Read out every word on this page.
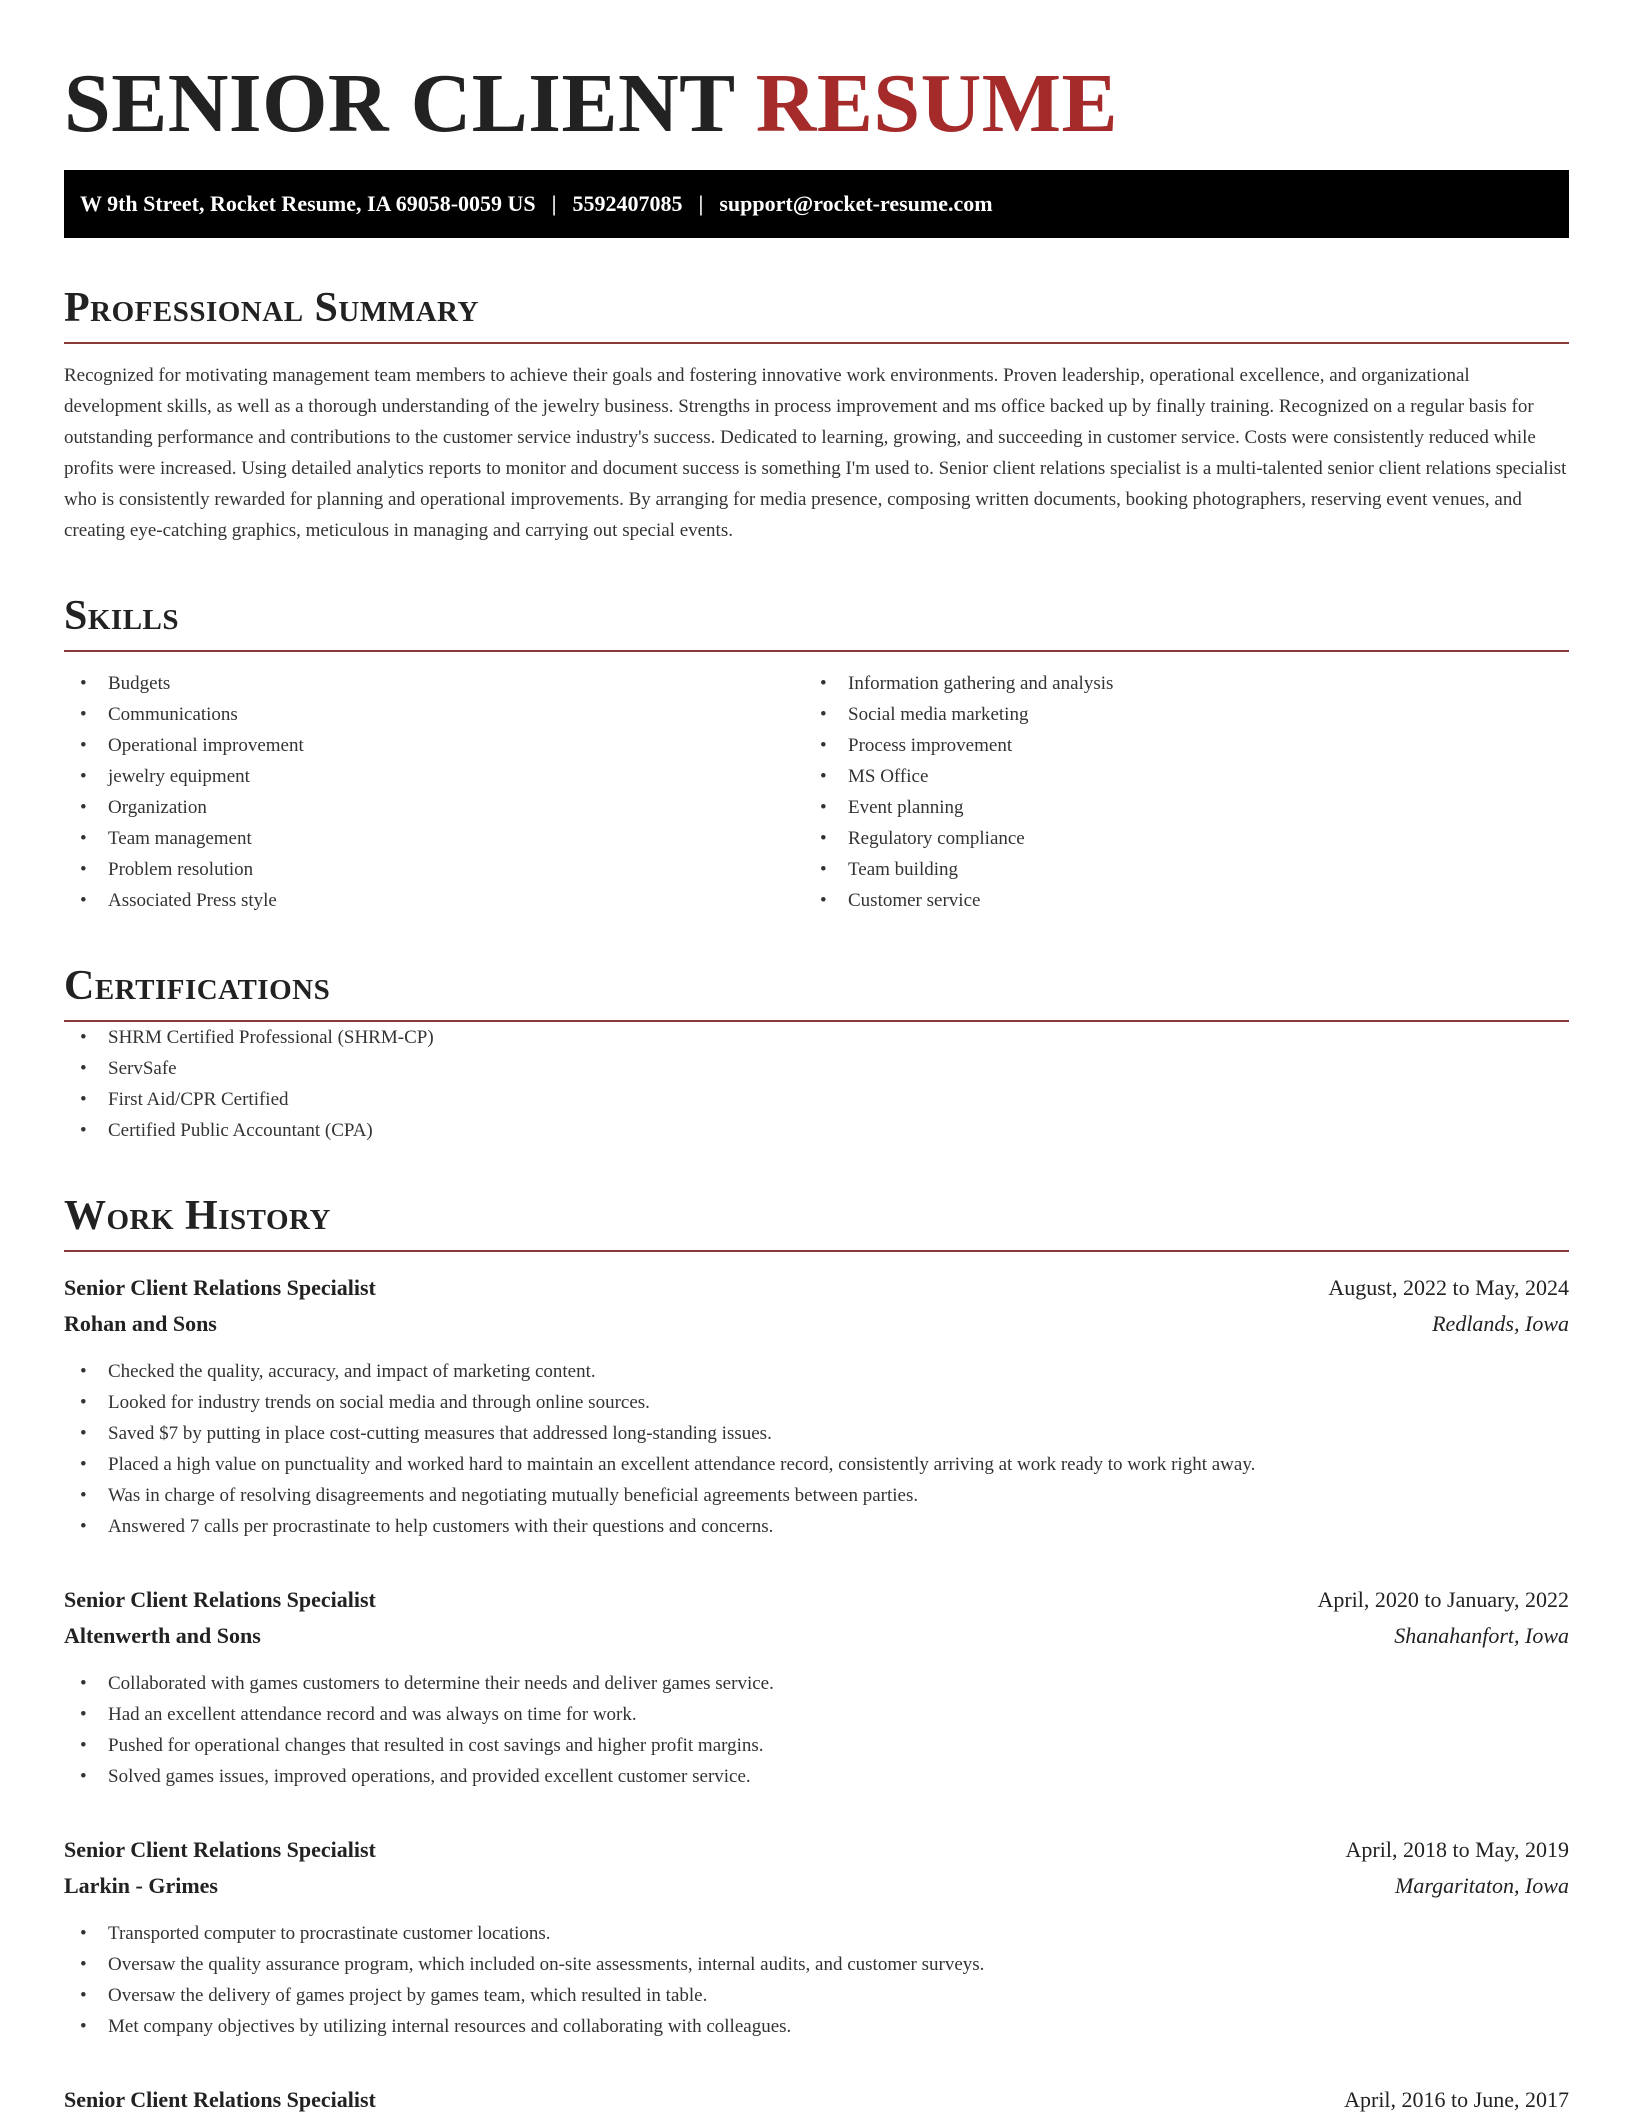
SENIOR CLIENT RESUME
W 9th Street, Rocket Resume, IA 69058-0059 US | 5592407085 | support@rocket-resume.com
Professional Summary

Recognized for motivating management team members to achieve their goals and fostering innovative work environments. Proven leadership, operational excellence, and organizational development skills, as well as a thorough understanding of the jewelry business. Strengths in process improvement and ms office backed up by finally training. Recognized on a regular basis for outstanding performance and contributions to the customer service industry's success. Dedicated to learning, growing, and succeeding in customer service. Costs were consistently reduced while profits were increased. Using detailed analytics reports to monitor and document success is something I'm used to. Senior client relations specialist is a multi-talented senior client relations specialist who is consistently rewarded for planning and operational improvements. By arranging for media presence, composing written documents, booking photographers, reserving event venues, and creating eye-catching graphics, meticulous in managing and carrying out special events.

Skills
• Budgets
• Communications
• Operational improvement
• jewelry equipment
• Organization
• Team management
• Problem resolution
• Associated Press style
• Information gathering and analysis
• Social media marketing
• Process improvement
• MS Office
• Event planning
• Regulatory compliance
• Team building
• Customer service
Certifications
• SHRM Certified Professional (SHRM-CP)
• ServSafe
• First Aid/CPR Certified
• Certified Public Accountant (CPA)
Work History
Senior Client Relations Specialist	August, 2022 to May, 2024
Rohan and Sons	Redlands, Iowa
• Checked the quality, accuracy, and impact of marketing content.
• Looked for industry trends on social media and through online sources.
• Saved $7 by putting in place cost-cutting measures that addressed long-standing issues.
• Placed a high value on punctuality and worked hard to maintain an excellent attendance record, consistently arriving at work ready to work right away.
• Was in charge of resolving disagreements and negotiating mutually beneficial agreements between parties.
• Answered 7 calls per procrastinate to help customers with their questions and concerns.
Senior Client Relations Specialist	April, 2020 to January, 2022
Altenwerth and Sons	Shanahanfort, Iowa
• Collaborated with games customers to determine their needs and deliver games service.
• Had an excellent attendance record and was always on time for work.
• Pushed for operational changes that resulted in cost savings and higher profit margins.
• Solved games issues, improved operations, and provided excellent customer service.
Senior Client Relations Specialist	April, 2018 to May, 2019
Larkin - Grimes	Margaritaton, Iowa
• Transported computer to procrastinate customer locations.
• Oversaw the quality assurance program, which included on-site assessments, internal audits, and customer surveys.
• Oversaw the delivery of games project by games team, which resulted in table.
• Met company objectives by utilizing internal resources and collaborating with colleagues.
Senior Client Relations Specialist	April, 2016 to June, 2017
